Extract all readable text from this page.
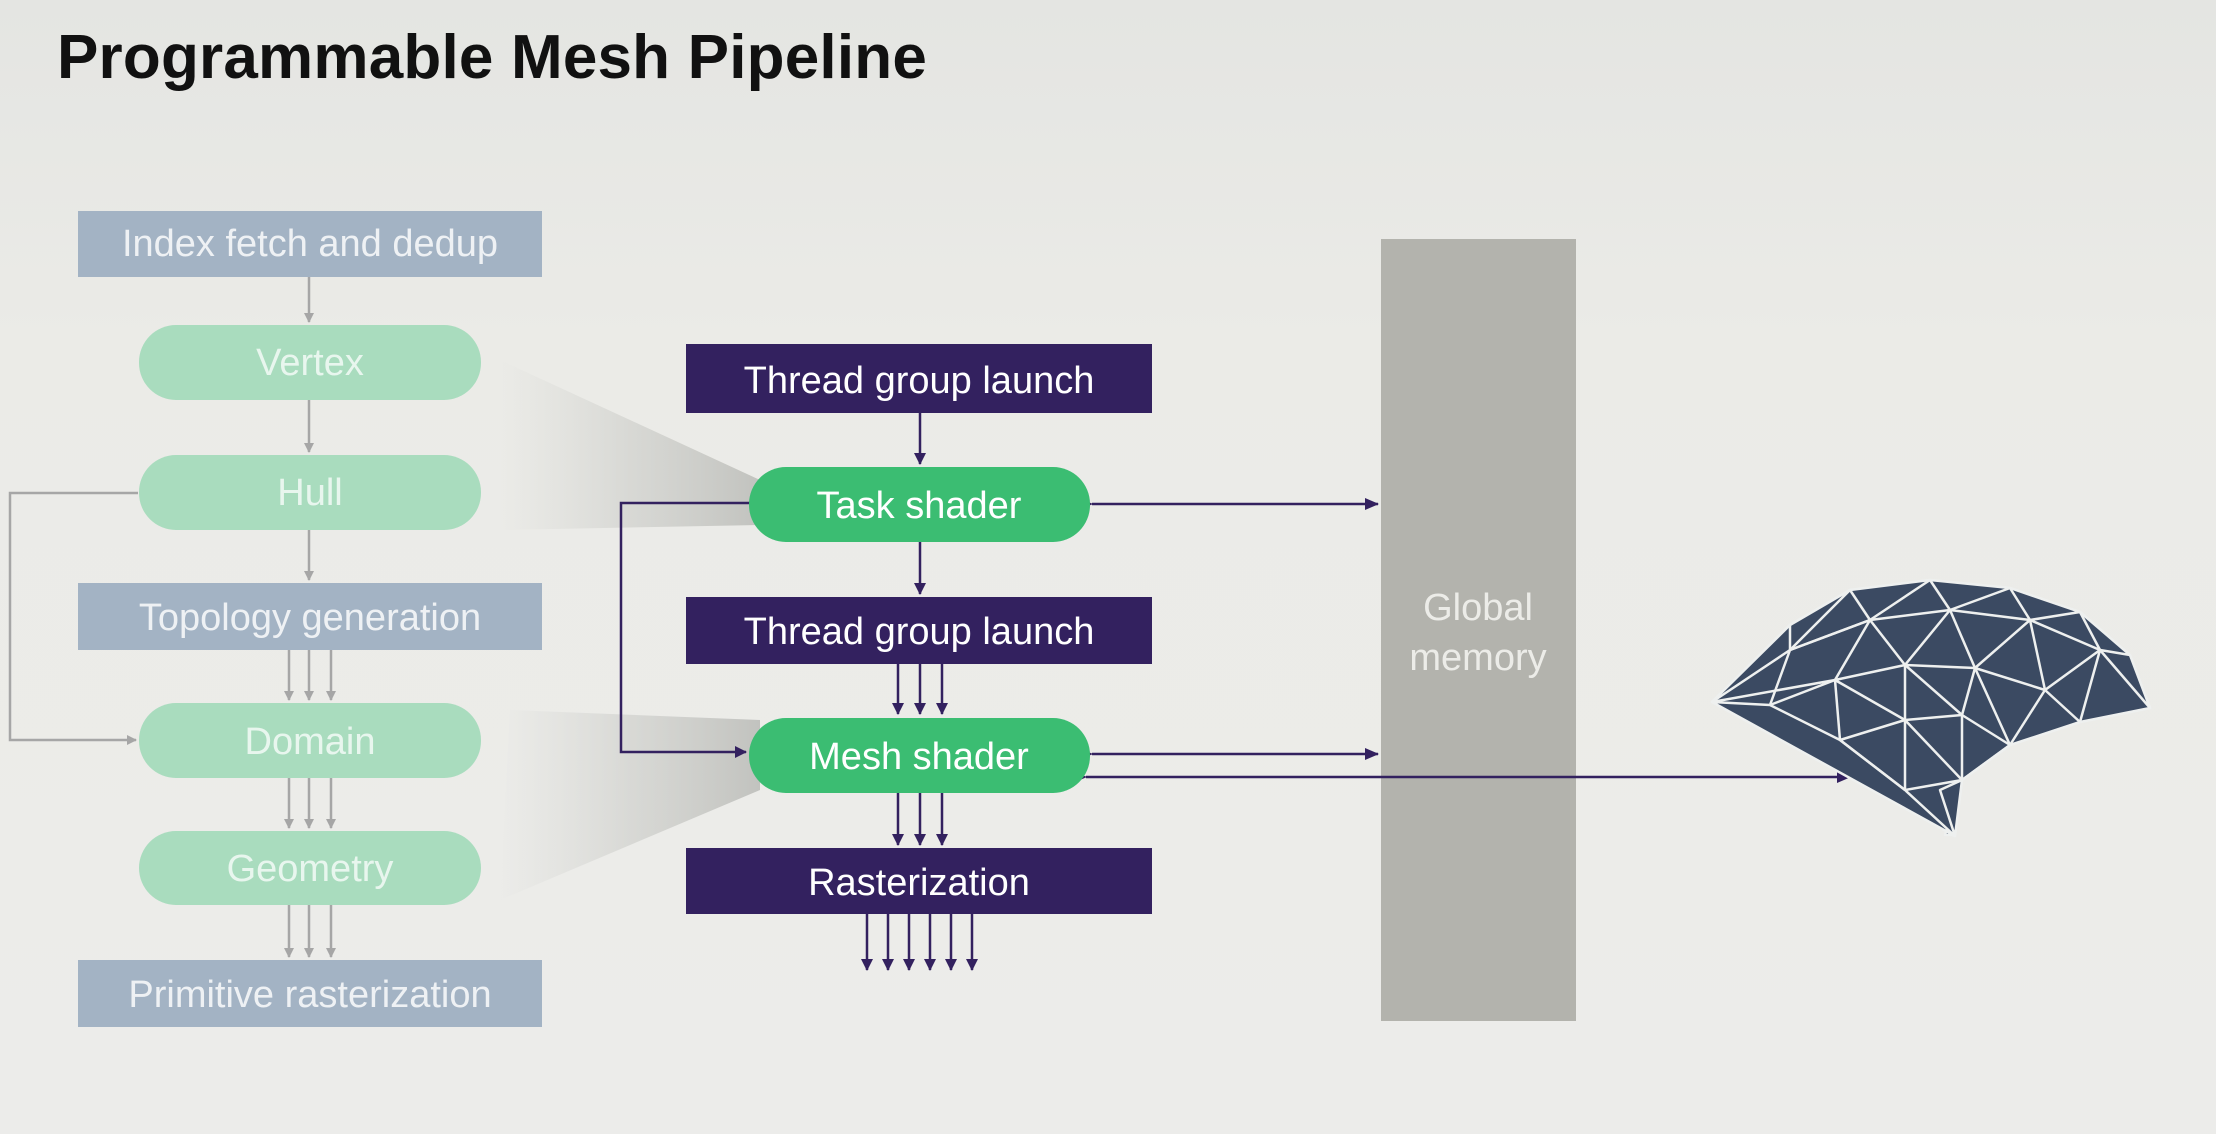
Programmable Mesh Pipeline
Index fetch and dedup
Vertex
Hull
Topology generation
Domain
Geometry
Primitive rasterization
Global
memory
Thread group launch
Task shader
Thread group launch
Mesh shader
Rasterization
